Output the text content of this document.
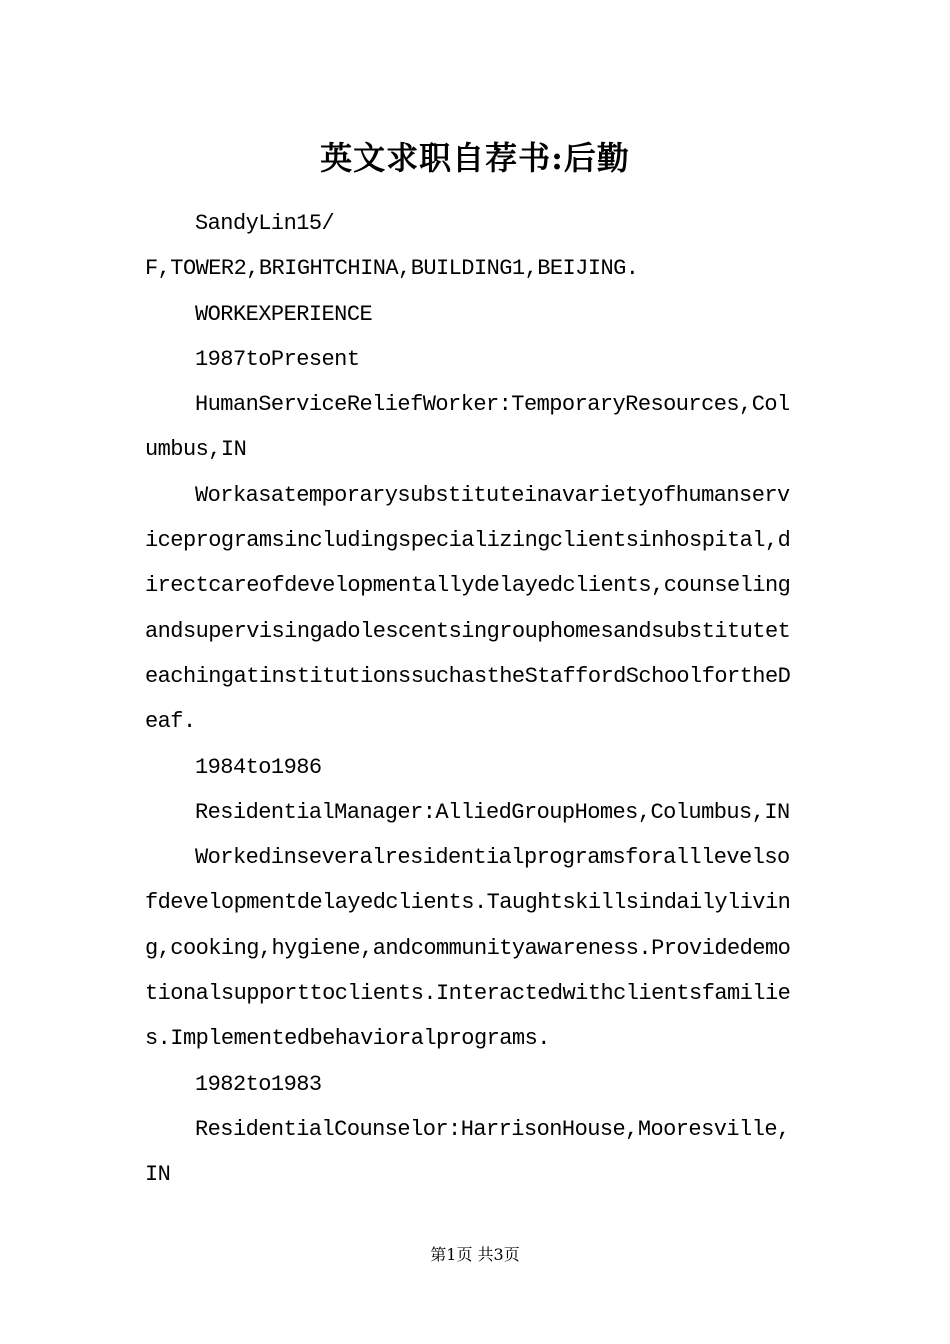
英文求职自荐书:后勤

SandyLin15/

F,TOWER2,BRIGHTCHINA,BUILDING1,BEIJING.

WORKEXPERIENCE

1987toPresent

HumanServiceReliefWorker:TemporaryResources,Columbus,IN

Workasatemporarysubstituteinavarietyofhumanserviceprogramsincludingspecializingclientsinhospital,directcareofdevelopmentallydelayedclients,counselingandsupervisingadolescentsingrouphomesandsubstituteteachingatinstitutionssuchastheStaffordSchoolfortheDeaf.

1984to1986

ResidentialManager:AlliedGroupHomes,Columbus,IN

Workedinseveralresidentialprogramsforalllevelsofdevelopmentdelayedclients.Taughtskillsindailyliving,cooking,hygiene,andcommunityawareness.Providedemotionalsupporttoclients.Interactedwithclientsfamilies.Implementedbehavioralprograms.

1982to1983

ResidentialCounselor:HarrisonHouse,Mooresville,IN

第1页 共3页
